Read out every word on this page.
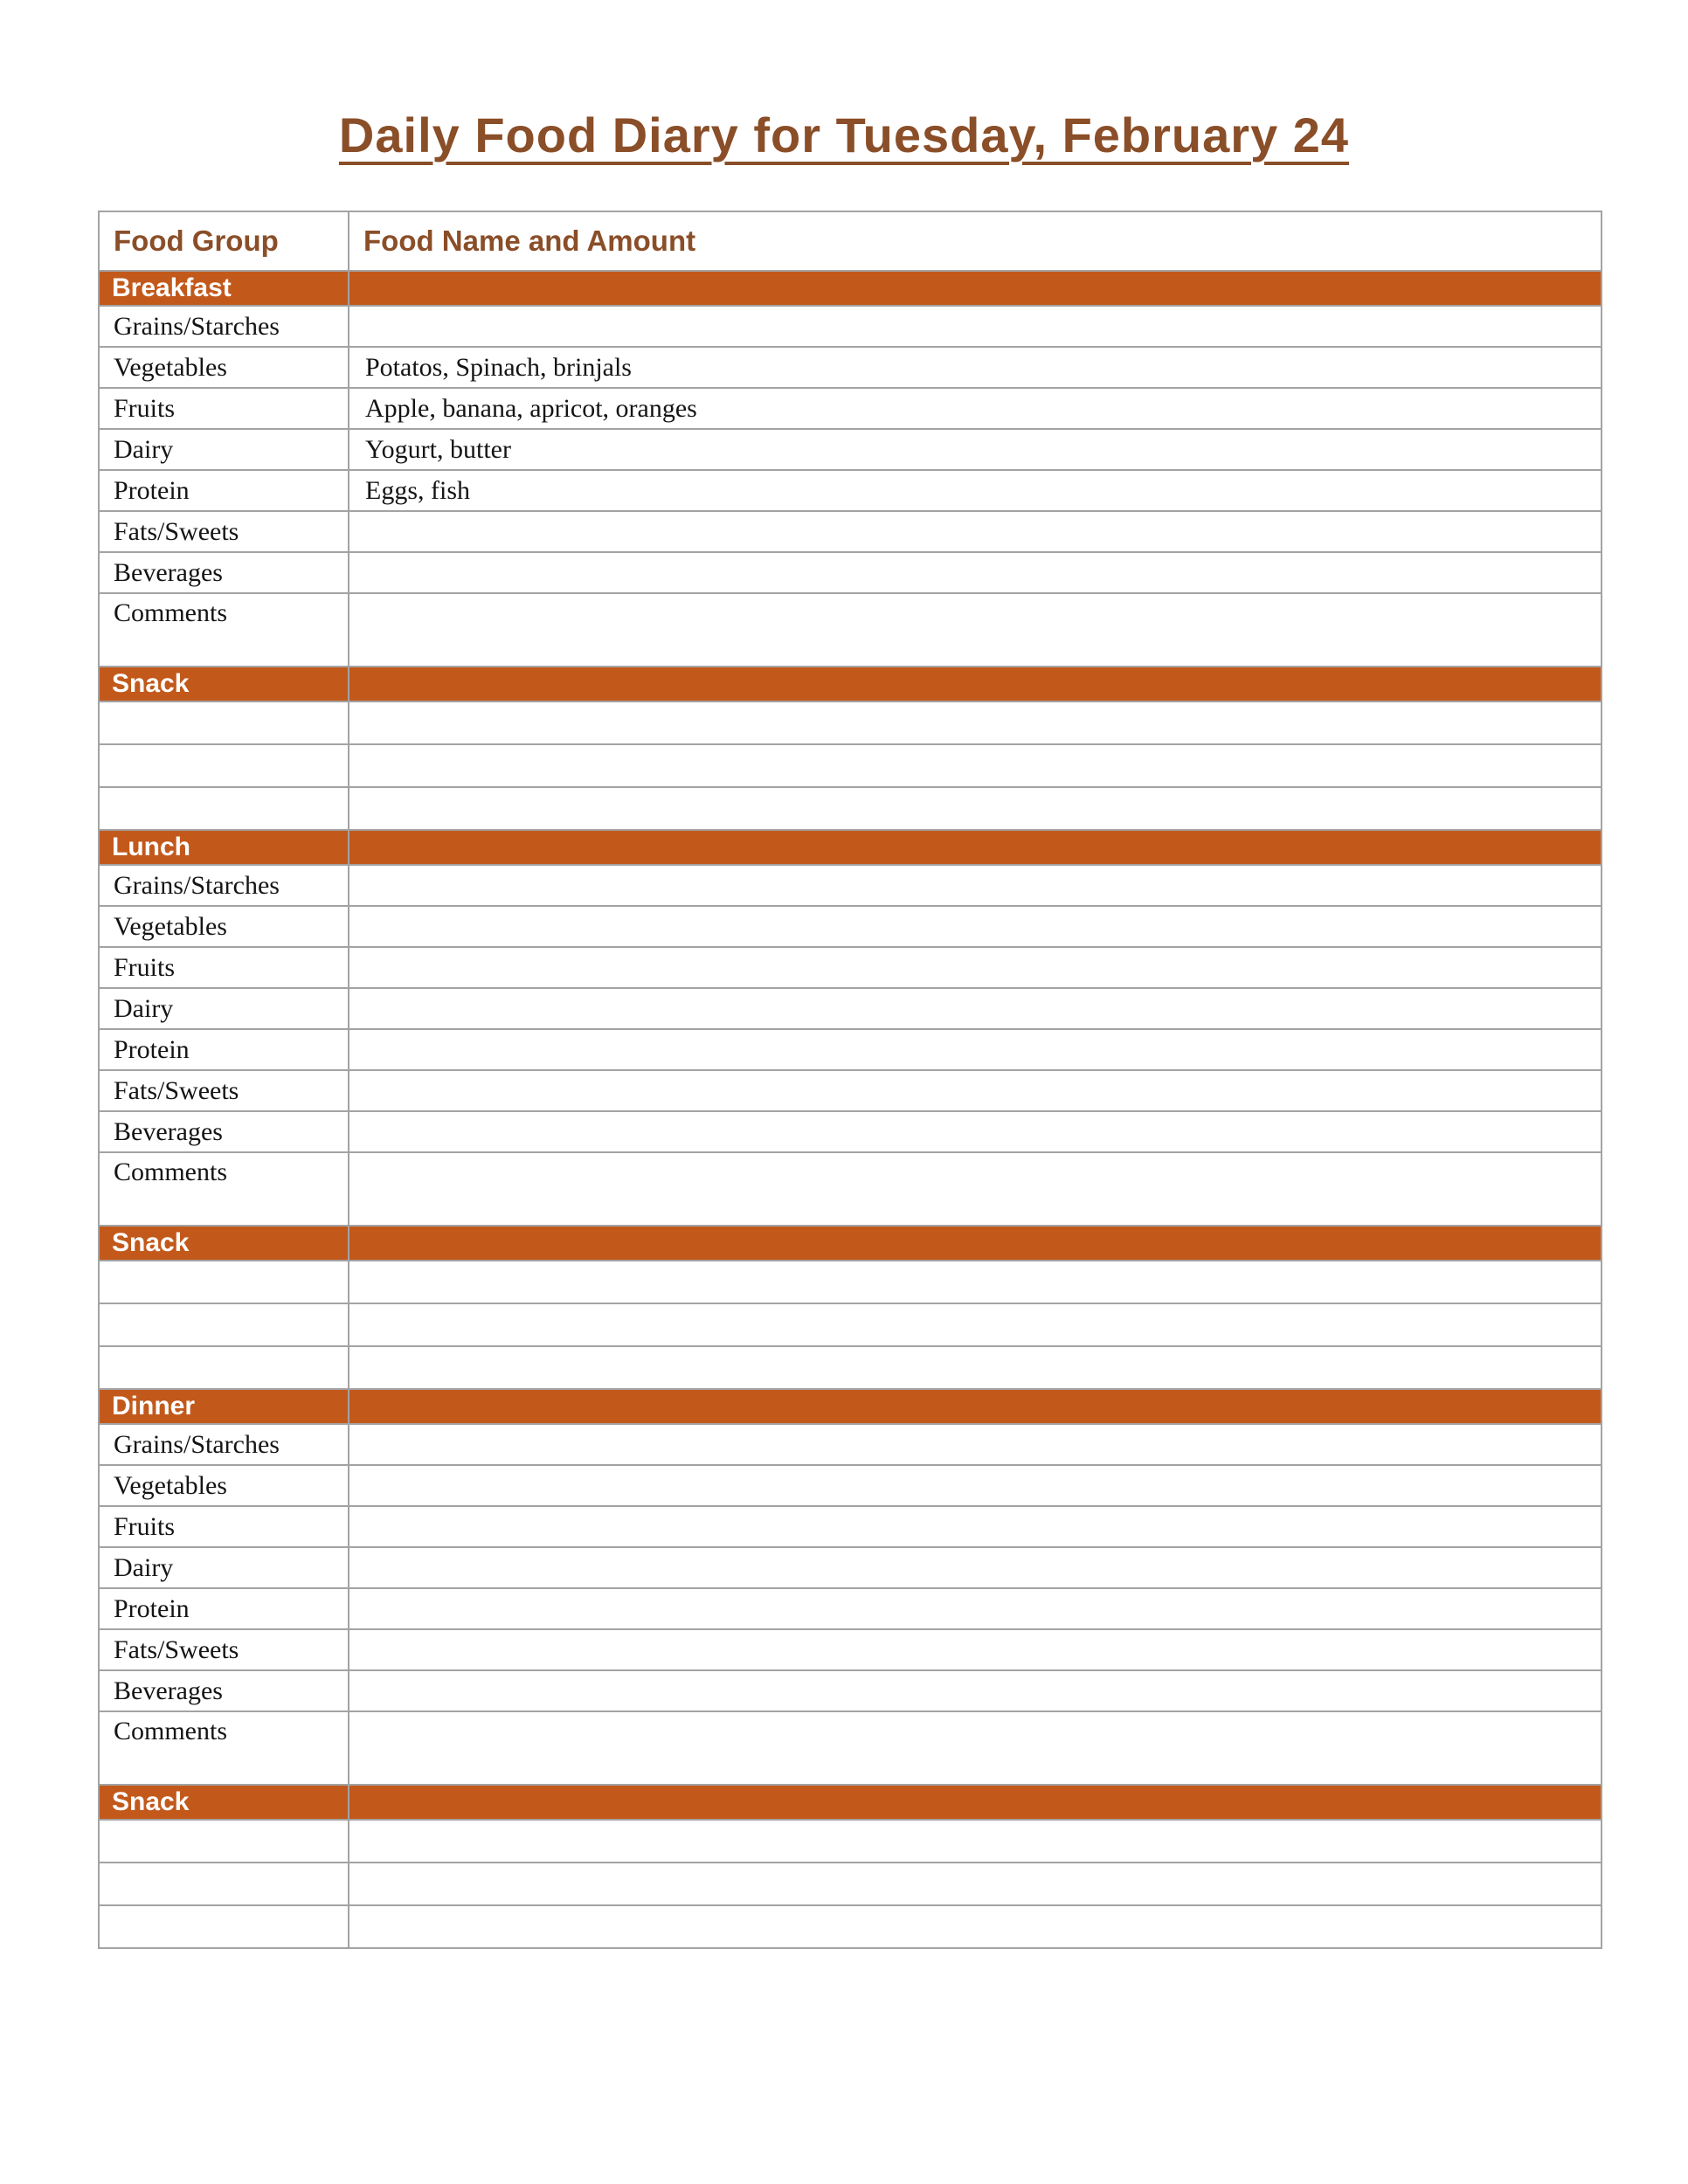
Daily Food Diary for Tuesday, February 24
Food Group	Food Name and Amount
Breakfast	
Grains/Starches	
Vegetables	Potatos, Spinach, brinjals
Fruits	Apple, banana, apricot, oranges
Dairy	Yogurt, butter
Protein	Eggs, fish
Fats/Sweets	
Beverages	
Comments	
Snack	

Lunch	
Grains/Starches	
Vegetables	
Fruits	
Dairy	
Protein	
Fats/Sweets	
Beverages	
Comments	
Snack	

Dinner	
Grains/Starches	
Vegetables	
Fruits	
Dairy	
Protein	
Fats/Sweets	
Beverages	
Comments	
Snack	
